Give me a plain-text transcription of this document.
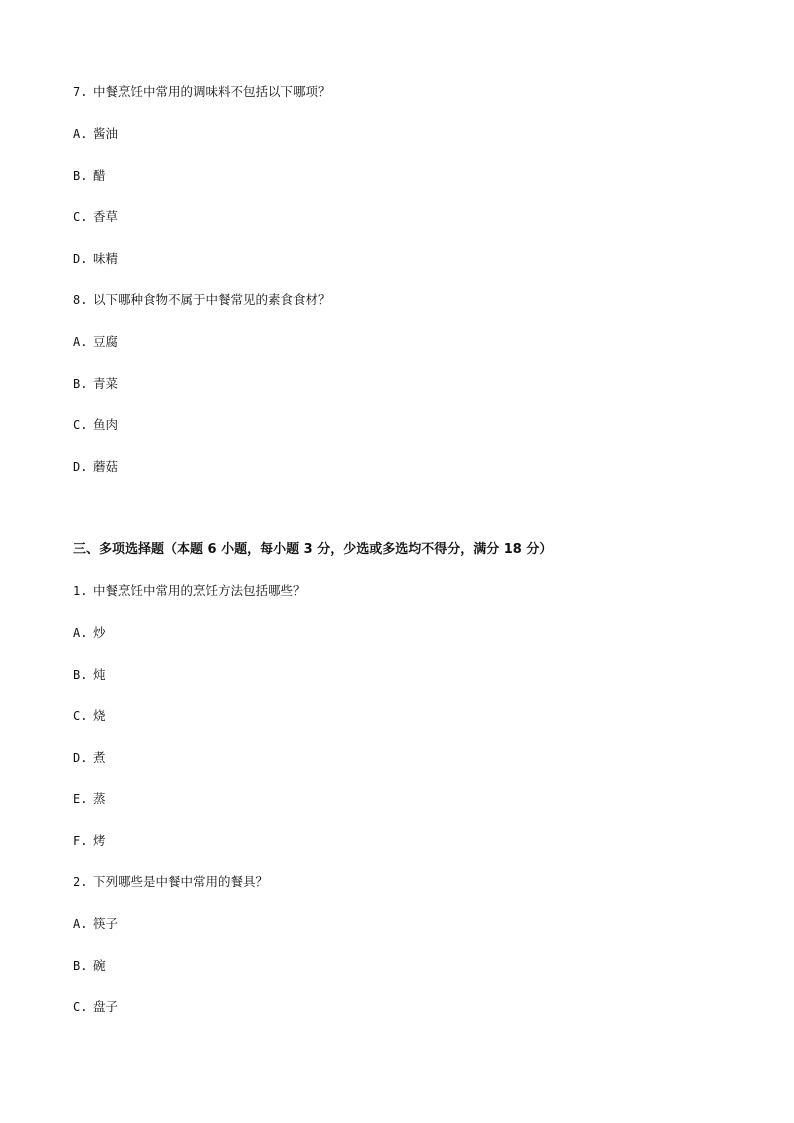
7. 中餐烹饪中常用的调味料不包括以下哪项？
A. 酱油
B. 醋
C. 香草
D. 味精
8. 以下哪种食物不属于中餐常见的素食食材？
A. 豆腐
B. 青菜
C. 鱼肉
D. 蘑菇
三、多项选择题（本题 6 小题，每小题 3 分，少选或多选均不得分，满分 18 分）
1. 中餐烹饪中常用的烹饪方法包括哪些？
A. 炒
B. 炖
C. 烧
D. 煮
E. 蒸
F. 烤
2. 下列哪些是中餐中常用的餐具？
A. 筷子
B. 碗
C. 盘子
